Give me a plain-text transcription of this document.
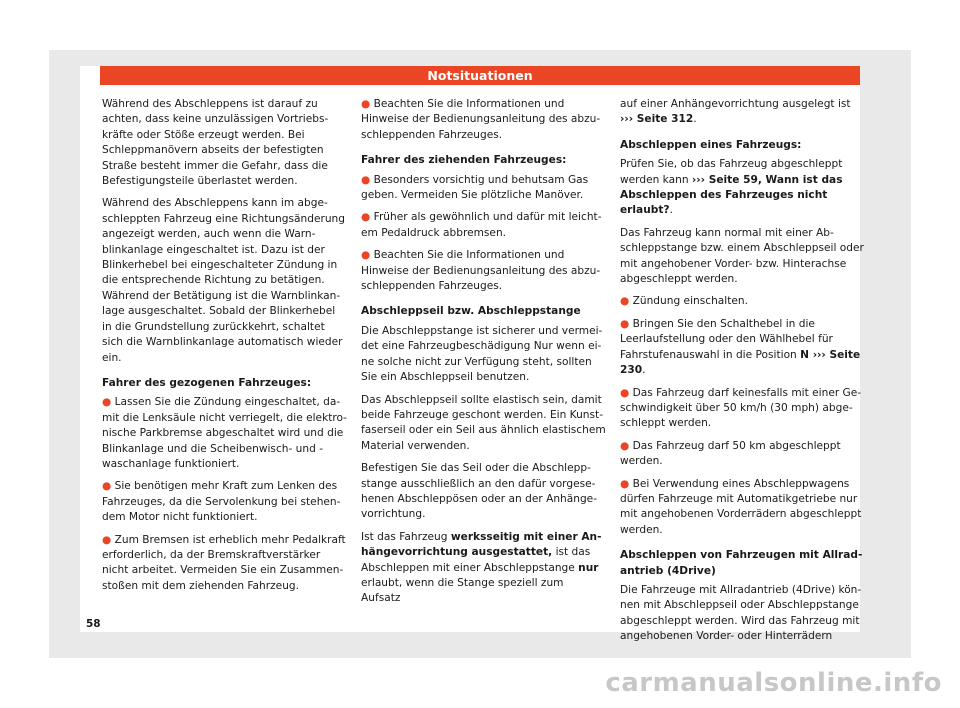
Notsituationen

Während des Abschleppens ist darauf zu achten, dass keine unzulässigen Vortriebskräfte oder Stöße erzeugt werden. Bei Schleppmanövern abseits der befestigten Straße besteht immer die Gefahr, dass die Befestigungsteile überlastet werden.

Während des Abschleppens kann im abgeschleppten Fahrzeug eine Richtungsänderung angezeigt werden, auch wenn die Warnblinkanlage eingeschaltet ist. Dazu ist der Blinkerhebel bei eingeschalteter Zündung in die entsprechende Richtung zu betätigen. Während der Betätigung ist die Warnblinkanlage ausgeschaltet. Sobald der Blinkerhebel in die Grundstellung zurückkehrt, schaltet sich die Warnblinkanlage automatisch wieder ein.

Fahrer des gezogenen Fahrzeuges:

● Lassen Sie die Zündung eingeschaltet, damit die Lenksäule nicht verriegelt, die elektronische Parkbremse abgeschaltet wird und die Blinkanlage und die Scheibenwisch- und -waschanlage funktioniert.

● Sie benötigen mehr Kraft zum Lenken des Fahrzeuges, da die Servolenkung bei stehendem Motor nicht funktioniert.

● Zum Bremsen ist erheblich mehr Pedalkraft erforderlich, da der Bremskraftverstärker nicht arbeitet. Vermeiden Sie ein Zusammenstoßen mit dem ziehenden Fahrzeug.

● Beachten Sie die Informationen und Hinweise der Bedienungsanleitung des abzuschleppenden Fahrzeuges.

Fahrer des ziehenden Fahrzeuges:

● Besonders vorsichtig und behutsam Gas geben. Vermeiden Sie plötzliche Manöver.

● Früher als gewöhnlich und dafür mit leichtem Pedaldruck abbremsen.

● Beachten Sie die Informationen und Hinweise der Bedienungsanleitung des abzuschleppenden Fahrzeuges.

Abschleppseil bzw. Abschleppstange

Die Abschleppstange ist sicherer und vermeidet eine Fahrzeugbeschädigung Nur wenn eine solche nicht zur Verfügung steht, sollten Sie ein Abschleppseil benutzen.

Das Abschleppseil sollte elastisch sein, damit beide Fahrzeuge geschont werden. Ein Kunstfaserseil oder ein Seil aus ähnlich elastischem Material verwenden.

Befestigen Sie das Seil oder die Abschleppstange ausschließlich an den dafür vorgesehenen Abschleppösen oder an der Anhängevorrichtung.

Ist das Fahrzeug werksseitig mit einer Anhängevorrichtung ausgestattet, ist das Abschleppen mit einer Abschleppstange nur erlaubt, wenn die Stange speziell zum Aufsatz

auf einer Anhängevorrichtung ausgelegt ist ››› Seite 312.

Abschleppen eines Fahrzeugs:

Prüfen Sie, ob das Fahrzeug abgeschleppt werden kann ››› Seite 59, Wann ist das Abschleppen des Fahrzeuges nicht erlaubt?.

Das Fahrzeug kann normal mit einer Abschleppstange bzw. einem Abschleppseil oder mit angehobener Vorder- bzw. Hinterachse abgeschleppt werden.

● Zündung einschalten.

● Bringen Sie den Schalthebel in die Leerlaufstellung oder den Wählhebel für Fahrstufenauswahl in die Position N ››› Seite 230.

● Das Fahrzeug darf keinesfalls mit einer Geschwindigkeit über 50 km/h (30 mph) abgeschleppt werden.

● Das Fahrzeug darf 50 km abgeschleppt werden.

● Bei Verwendung eines Abschleppwagens dürfen Fahrzeuge mit Automatikgetriebe nur mit angehobenen Vorderrädern abgeschleppt werden.

Abschleppen von Fahrzeugen mit Allradantrieb (4Drive)

Die Fahrzeuge mit Allradantrieb (4Drive) können mit Abschleppseil oder Abschleppstange abgeschleppt werden. Wird das Fahrzeug mit angehobenen Vorder- oder Hinterrädern

58
carmanualsonline.info
